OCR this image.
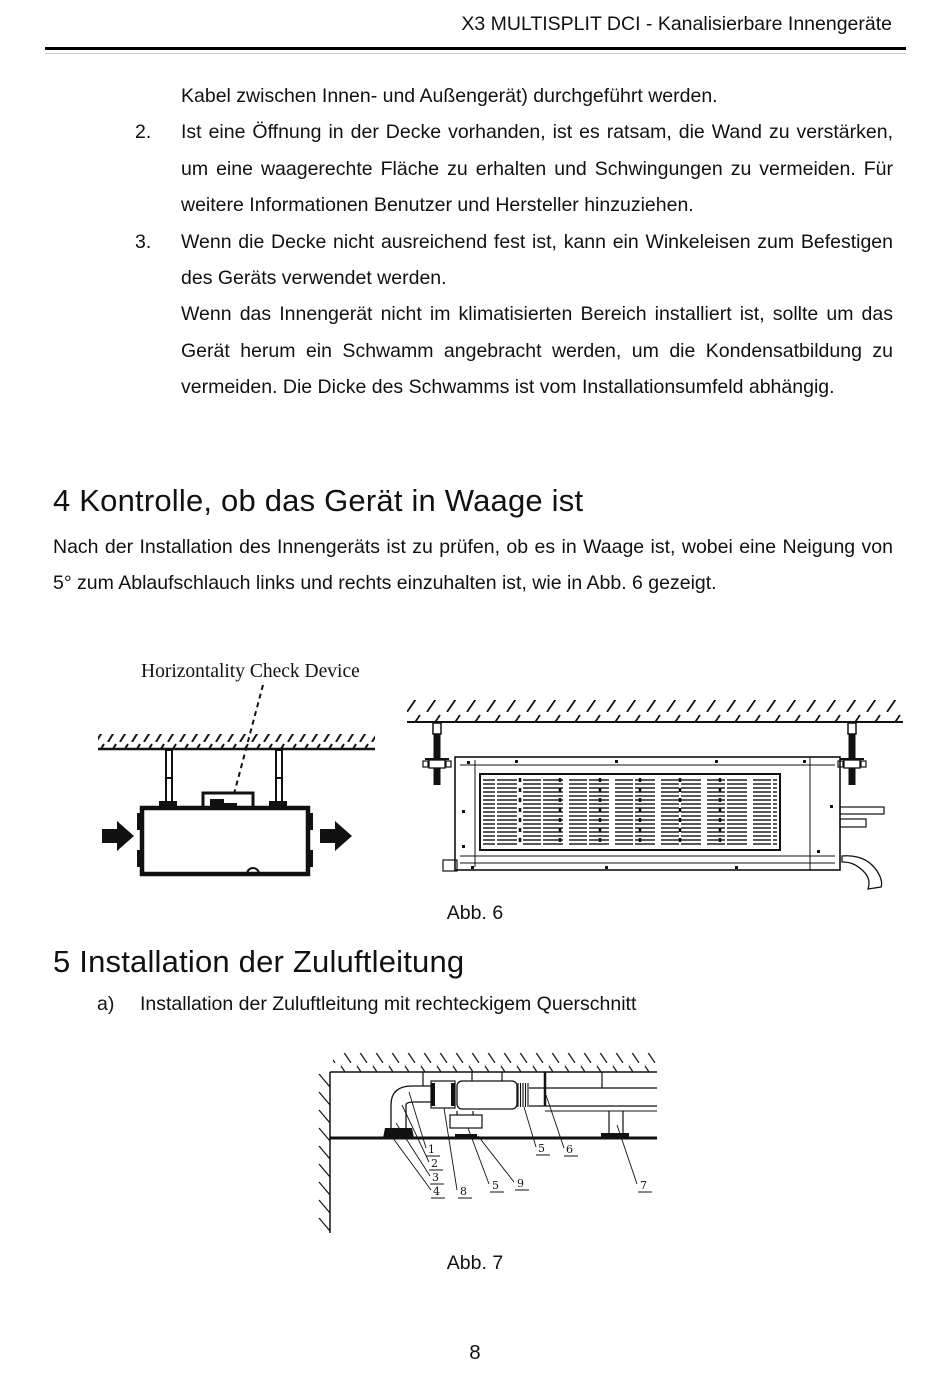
X3 MULTISPLIT DCI - Kanalisierbare Innengeräte
Kabel zwischen Innen- und Außengerät) durchgeführt werden.
2.	Ist eine Öffnung in der Decke vorhanden, ist es ratsam, die Wand zu verstärken, um eine waagerechte Fläche zu erhalten und Schwingungen zu vermeiden. Für weitere Informationen Benutzer und Hersteller hinzuziehen.
3.	Wenn die Decke nicht ausreichend fest ist, kann ein Winkeleisen zum Befestigen des Geräts verwendet werden.
Wenn das Innengerät nicht im klimatisierten Bereich installiert ist, sollte um das Gerät herum ein Schwamm angebracht werden, um die Kondensatbildung zu vermeiden. Die Dicke des Schwamms ist vom Installationsumfeld abhängig.
4 Kontrolle, ob das Gerät in Waage ist

Nach der Installation des Innengeräts ist zu prüfen, ob es in Waage ist, wobei eine Neigung von 5° zum Ablaufschlauch links und rechts einzuhalten ist, wie in Abb. 6 gezeigt.

Horizontality Check Device
Abb. 6
5 Installation der Zuluftleitung
a)	Installation der Zuluftleitung mit rechteckigem Querschnitt
1
2
3
4 8 5 9
5 6
7
Abb. 7
8
